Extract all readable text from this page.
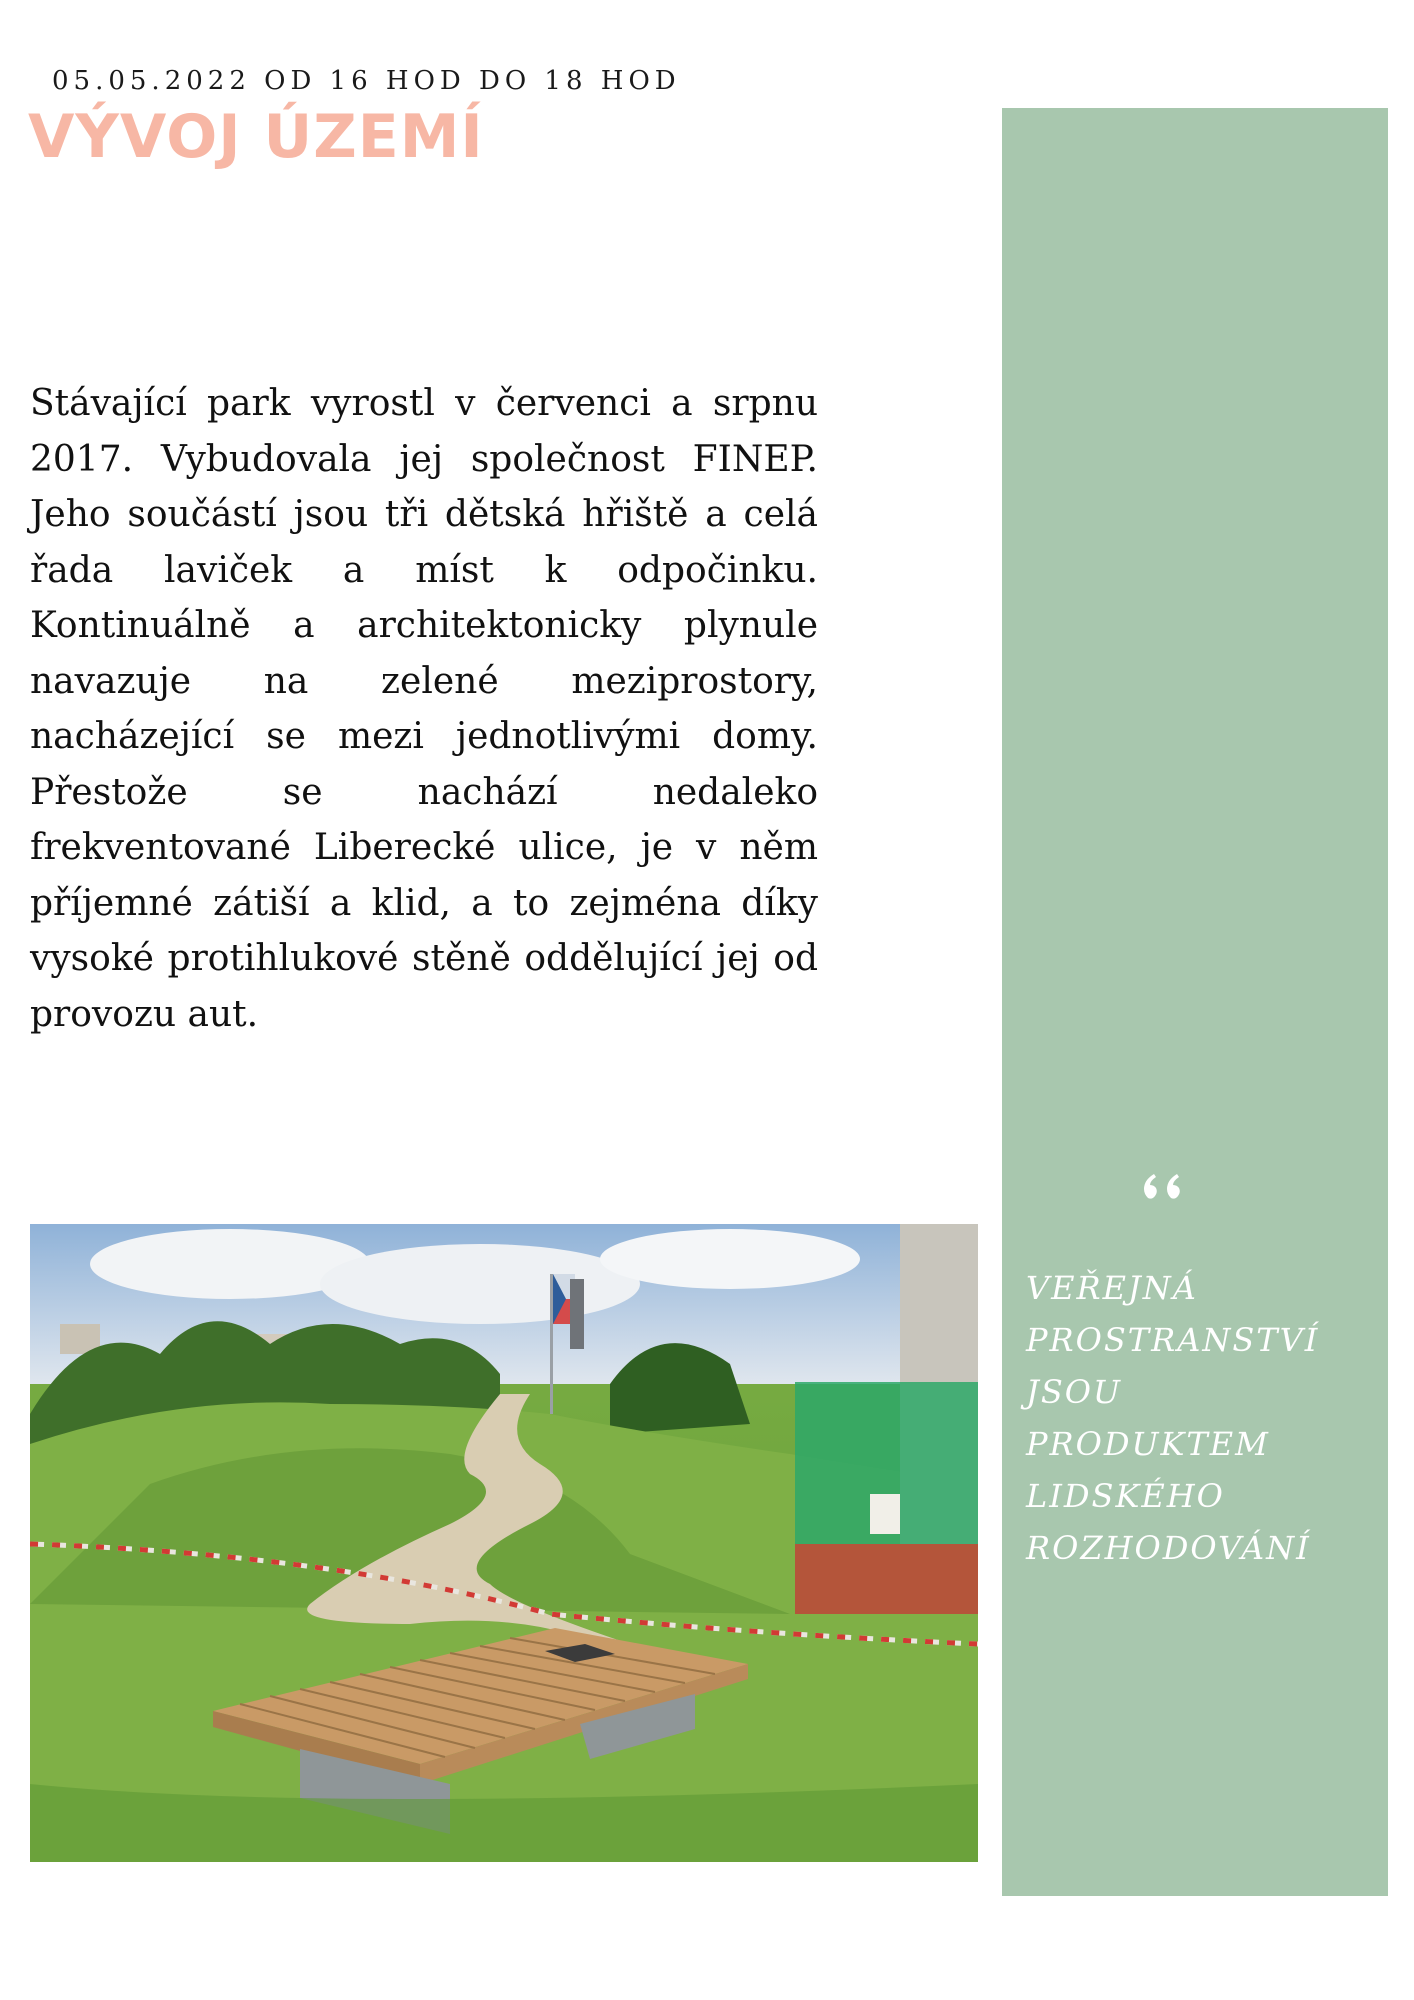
05.05.2022 OD 16 HOD DO 18 HOD
VÝVOJ ÚZEMÍ
Stávající park vyrostl v červenci a srpnu 2017. Vybudovala jej společnost FINEP. Jeho součástí jsou tři dětská hřiště a celá řada laviček a míst k odpočinku. Kontinuálně a architektonicky plynule navazuje na zelené meziprostory, nacházející se mezi jednotlivými domy. Přestože se nachází nedaleko frekventované Liberecké ulice, je v něm příjemné zátiší a klid, a to zejména díky vysoké protihlukové stěně oddělující jej od provozu aut.
VEŘEJNÁ PROSTRANSTVÍ JSOU PRODUKTEM LIDSKÉHO ROZHODOVÁNÍ
